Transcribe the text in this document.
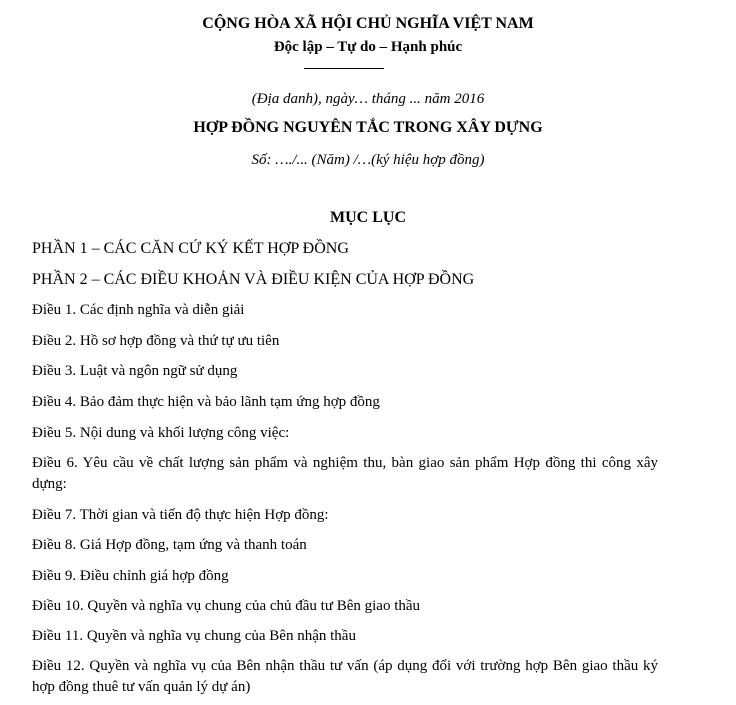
CỘNG HÒA XÃ HỘI CHỦ NGHĨA VIỆT NAM
Độc lập – Tự do – Hạnh phúc
(Địa danh), ngày… tháng ... năm 2016
HỢP ĐỒNG NGUYÊN TẮC TRONG XÂY DỰNG
Số: …./... (Năm) /…(ký hiệu hợp đồng)
MỤC LỤC
PHẦN 1 – CÁC CĂN CỨ KÝ KẾT HỢP ĐỒNG
PHẦN 2 – CÁC ĐIỀU KHOẢN VÀ ĐIỀU KIỆN CỦA HỢP ĐỒNG
Điều 1. Các định nghĩa và diễn giải
Điều 2. Hồ sơ hợp đồng và thứ tự ưu tiên
Điều 3. Luật và ngôn ngữ sử dụng
Điều 4. Bảo đảm thực hiện và bảo lãnh tạm ứng hợp đồng
Điều 5. Nội dung và khối lượng công việc:
Điều 6. Yêu cầu về chất lượng sản phẩm và nghiệm thu, bàn giao sản phẩm Hợp đồng thi công xây dựng:
Điều 7. Thời gian và tiến độ thực hiện Hợp đồng:
Điều 8. Giá Hợp đồng, tạm ứng và thanh toán
Điều 9. Điều chỉnh giá hợp đồng
Điều 10. Quyền và nghĩa vụ chung của chủ đầu tư Bên giao thầu
Điều 11. Quyền và nghĩa vụ chung của Bên nhận thầu
Điều 12. Quyền và nghĩa vụ của Bên nhận thầu tư vấn (áp dụng đối với trường hợp Bên giao thầu ký hợp đồng thuê tư vấn quản lý dự án)
